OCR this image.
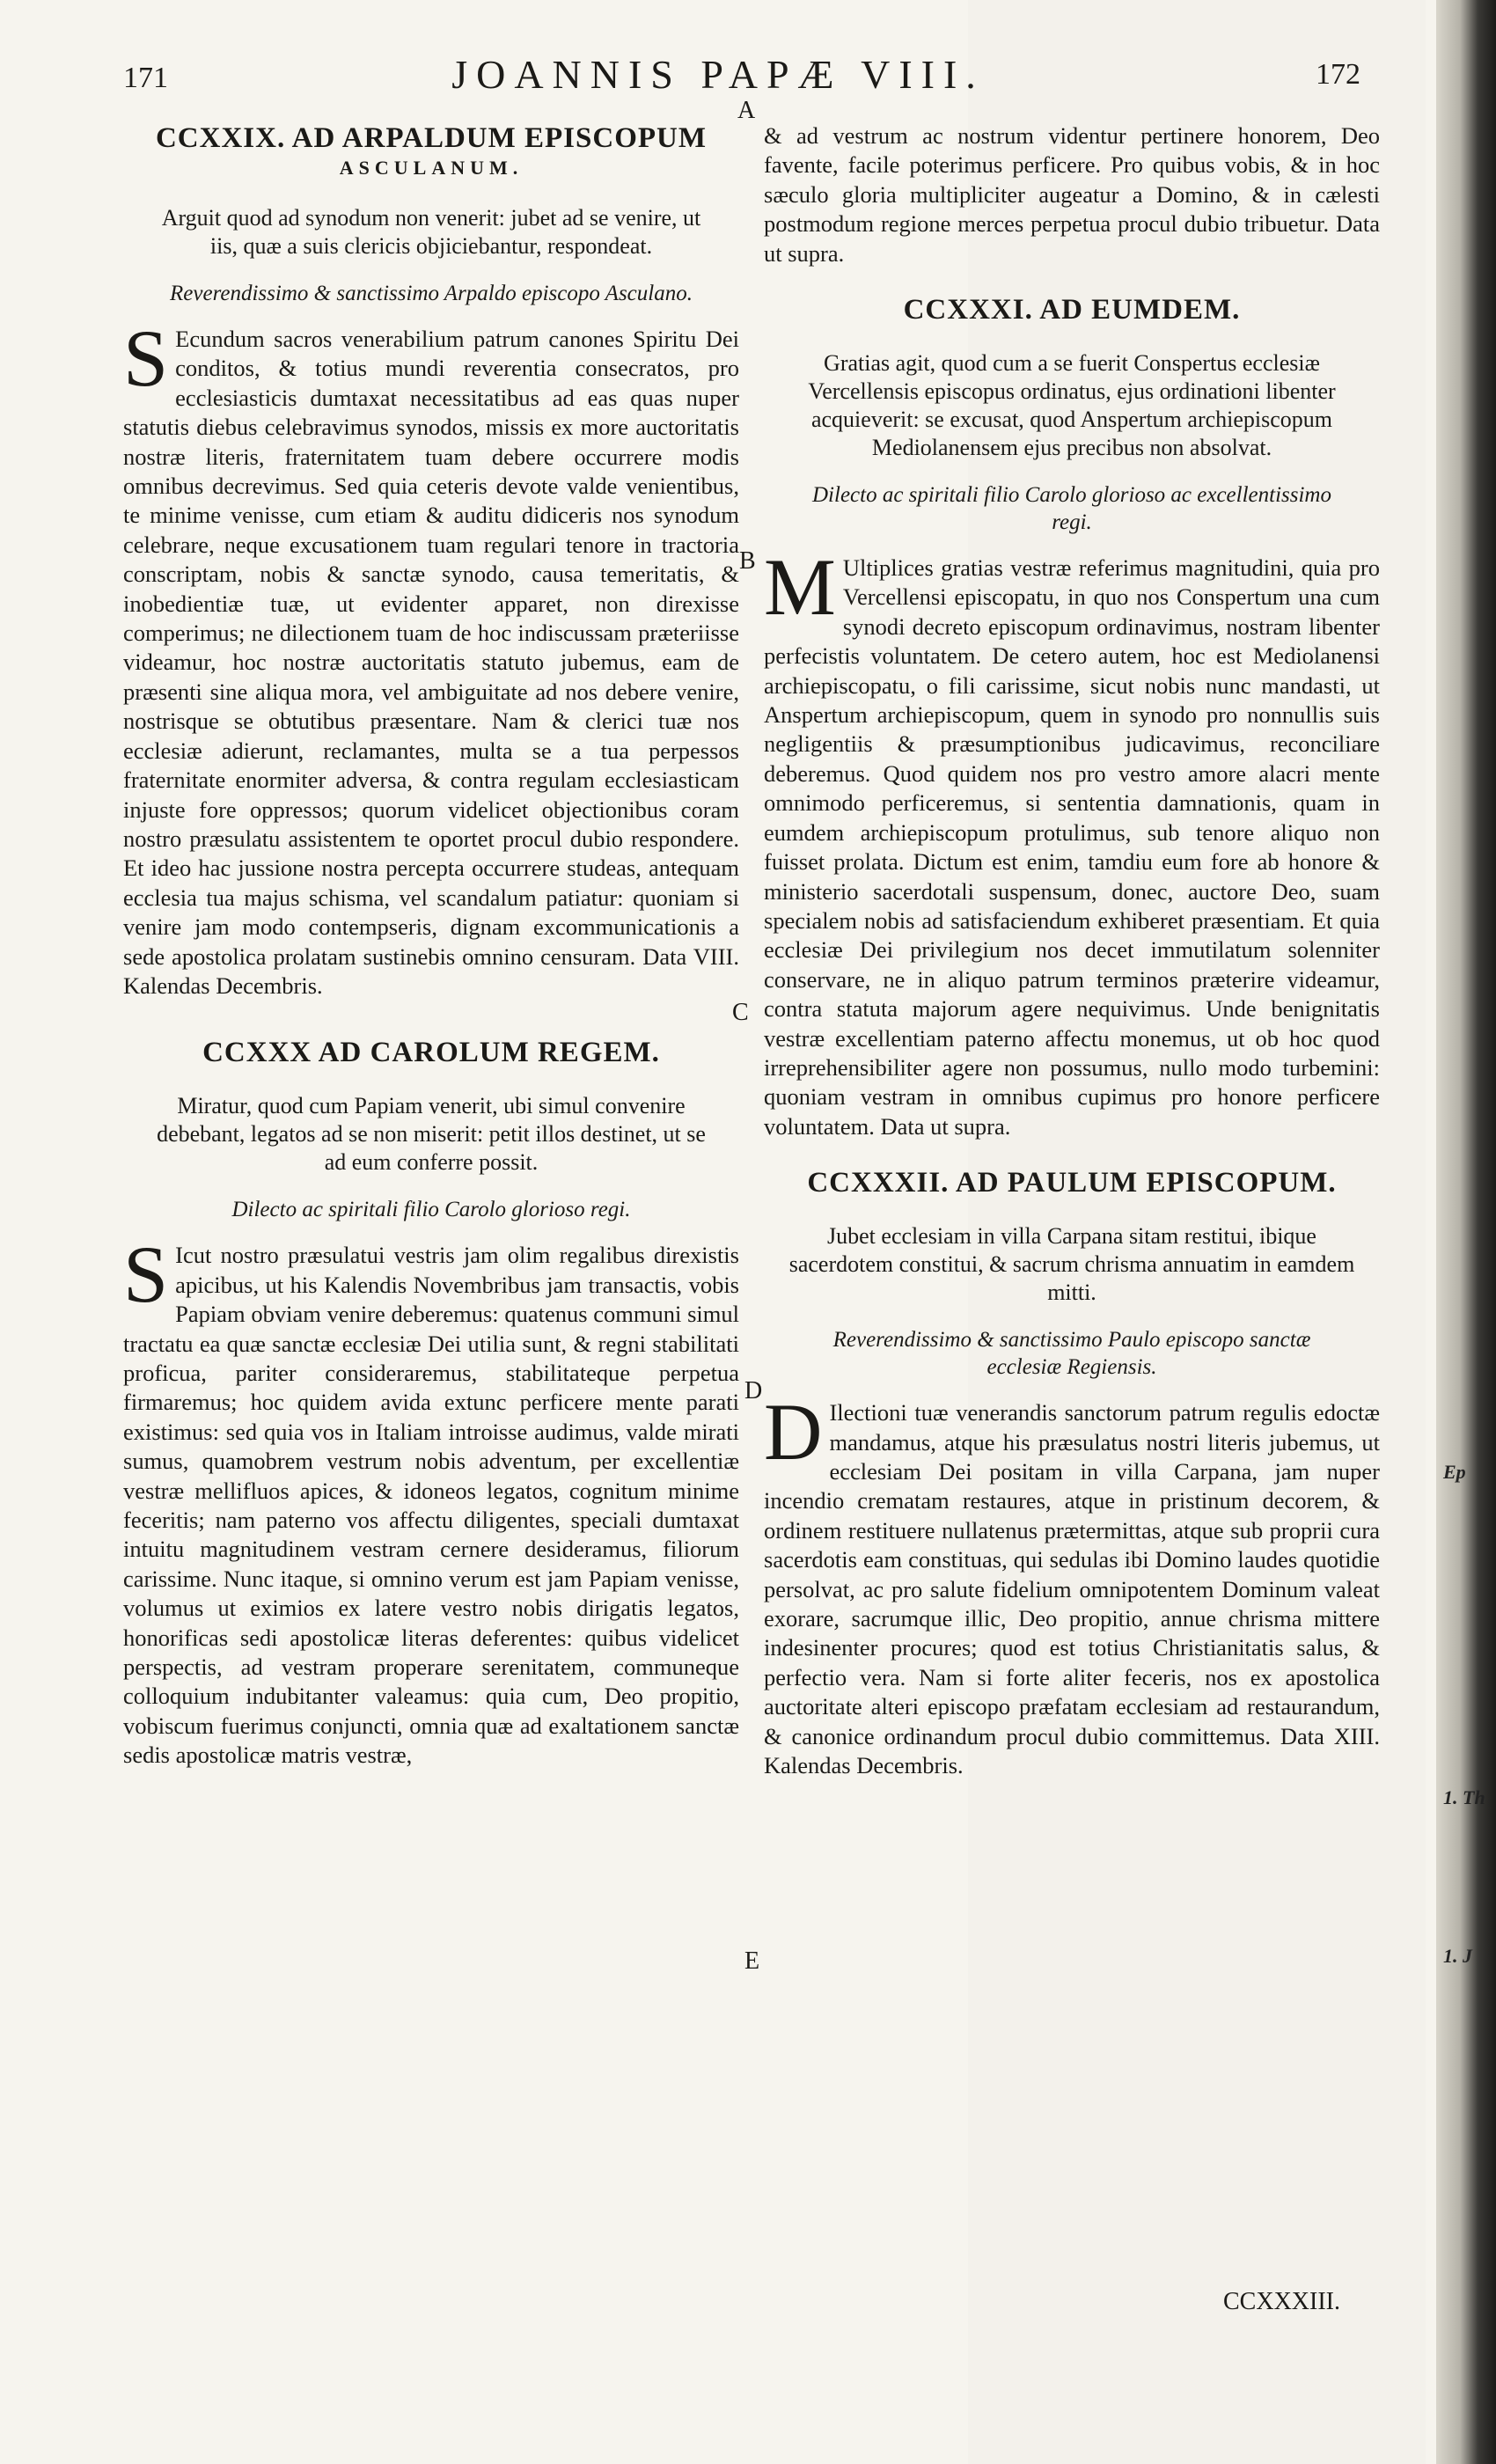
171	JOANNIS PAPÆ VIII.	172
A
B
C
D
E
CCXXIX. AD ARPALDUM EPISCOPUM
ASCULANUM.

Arguit quod ad synodum non venerit: jubet ad se venire, ut iis, quæ a suis clericis objiciebantur, respondeat.

Reverendissimo & sanctissimo Arpaldo episcopo Asculano.

S Ecundum sacros venerabilium patrum canones Spiritu Dei conditos, & totius mundi reverentia consecratos, pro ecclesiasticis dumtaxat necessitatibus ad eas quas nuper statutis diebus celebravimus synodos, missis ex more auctoritatis nostræ literis, fraternitatem tuam debere occurrere modis omnibus decrevimus. Sed quia ceteris devote valde venientibus, te minime venisse, cum etiam & auditu didiceris nos synodum celebrare, neque excusationem tuam regulari tenore in tractoria conscriptam, nobis & sanctæ synodo, causa temeritatis, & inobedientiæ tuæ, ut evidenter apparet, non direxisse comperimus; ne dilectionem tuam de hoc indiscussam præteriisse videamur, hoc nostræ auctoritatis statuto jubemus, eam de præsenti sine aliqua mora, vel ambiguitate ad nos debere venire, nostrisque se obtutibus præsentare. Nam & clerici tuæ nos ecclesiæ adierunt, reclamantes, multa se a tua perpessos fraternitate enormiter adversa, & contra regulam ecclesiasticam injuste fore oppressos; quorum videlicet objectionibus coram nostro præsulatu assistentem te oportet procul dubio respondere. Et ideo hac jussione nostra percepta occurrere studeas, antequam ecclesia tua majus schisma, vel scandalum patiatur: quoniam si venire jam modo contempseris, dignam excommunicationis a sede apostolica prolatam sustinebis omnino censuram. Data VIII. Kalendas Decembris.

CCXXX AD CAROLUM REGEM.

Miratur, quod cum Papiam venerit, ubi simul convenire debebant, legatos ad se non miserit: petit illos destinet, ut se ad eum conferre possit.

Dilecto ac spiritali filio Carolo glorioso regi.

S Icut nostro præsulatui vestris jam olim regalibus direxistis apicibus, ut his Kalendis Novembribus jam transactis, vobis Papiam obviam venire deberemus: quatenus communi simul tractatu ea quæ sanctæ ecclesiæ Dei utilia sunt, & regni stabilitati proficua, pariter consideraremus, stabilitateque perpetua firmaremus; hoc quidem avida extunc perficere mente parati existimus: sed quia vos in Italiam introisse audimus, valde mirati sumus, quamobrem vestrum nobis adventum, per excellentiæ vestræ mellifluos apices, & idoneos legatos, cognitum minime feceritis; nam paterno vos affectu diligentes, speciali dumtaxat intuitu magnitudinem vestram cernere desideramus, filiorum carissime. Nunc itaque, si omnino verum est jam Papiam venisse, volumus ut eximios ex latere vestro nobis dirigatis legatos, honorificas sedi apostolicæ literas deferentes: quibus videlicet perspectis, ad vestram properare serenitatem, communeque colloquium indubitanter valeamus: quia cum, Deo propitio, vobiscum fuerimus conjuncti, omnia quæ ad exaltationem sanctæ sedis apostolicæ matris vestræ,

& ad vestrum ac nostrum videntur pertinere honorem, Deo favente, facile poterimus perficere. Pro quibus vobis, & in hoc sæculo gloria multipliciter augeatur a Domino, & in cælesti postmodum regione merces perpetua procul dubio tribuetur. Data ut supra.

CCXXXI. AD EUMDEM.

Gratias agit, quod cum a se fuerit Conspertus ecclesiæ Vercellensis episcopus ordinatus, ejus ordinationi libenter acquieverit: se excusat, quod Anspertum archiepiscopum Mediolanensem ejus precibus non absolvat.

Dilecto ac spiritali filio Carolo glorioso ac excellentissimo regi.

M Ultiplices gratias vestræ referimus magnitudini, quia pro Vercellensi episcopatu, in quo nos Conspertum una cum synodi decreto episcopum ordinavimus, nostram libenter perfecistis voluntatem. De cetero autem, hoc est Mediolanensi archiepiscopatu, o fili carissime, sicut nobis nunc mandasti, ut Anspertum archiepiscopum, quem in synodo pro nonnullis suis negligentiis & præsumptionibus judicavimus, reconciliare deberemus. Quod quidem nos pro vestro amore alacri mente omnimodo perficeremus, si sententia damnationis, quam in eumdem archiepiscopum protulimus, sub tenore aliquo non fuisset prolata. Dictum est enim, tamdiu eum fore ab honore & ministerio sacerdotali suspensum, donec, auctore Deo, suam specialem nobis ad satisfaciendum exhiberet præsentiam. Et quia ecclesiæ Dei privilegium nos decet immutilatum solenniter conservare, ne in aliquo patrum terminos præterire videamur, contra statuta majorum agere nequivimus. Unde benignitatis vestræ excellentiam paterno affectu monemus, ut ob hoc quod irreprehensibiliter agere non possumus, nullo modo turbemini: quoniam vestram in omnibus cupimus pro honore perficere voluntatem. Data ut supra.

CCXXXII. AD PAULUM EPISCOPUM.

Jubet ecclesiam in villa Carpana sitam restitui, ibique sacerdotem constitui, & sacrum chrisma annuatim in eamdem mitti.

Reverendissimo & sanctissimo Paulo episcopo sanctæ ecclesiæ Regiensis.

D Ilectioni tuæ venerandis sanctorum patrum regulis edoctæ mandamus, atque his præsulatus nostri literis jubemus, ut ecclesiam Dei positam in villa Carpana, jam nuper incendio crematam restaures, atque in pristinum decorem, & ordinem restituere nullatenus prætermittas, atque sub proprii cura sacerdotis eam constituas, qui sedulas ibi Domino laudes quotidie persolvat, ac pro salute fidelium omnipotentem Dominum valeat exorare, sacrumque illic, Deo propitio, annue chrisma mittere indesinenter procures; quod est totius Christianitatis salus, & perfectio vera. Nam si forte aliter feceris, nos ex apostolica auctoritate alteri episcopo præfatam ecclesiam ad restaurandum, & canonice ordinandum procul dubio committemus. Data XIII. Kalendas Decembris.

CCXXXIII.
Ep
1. Th
1. J
